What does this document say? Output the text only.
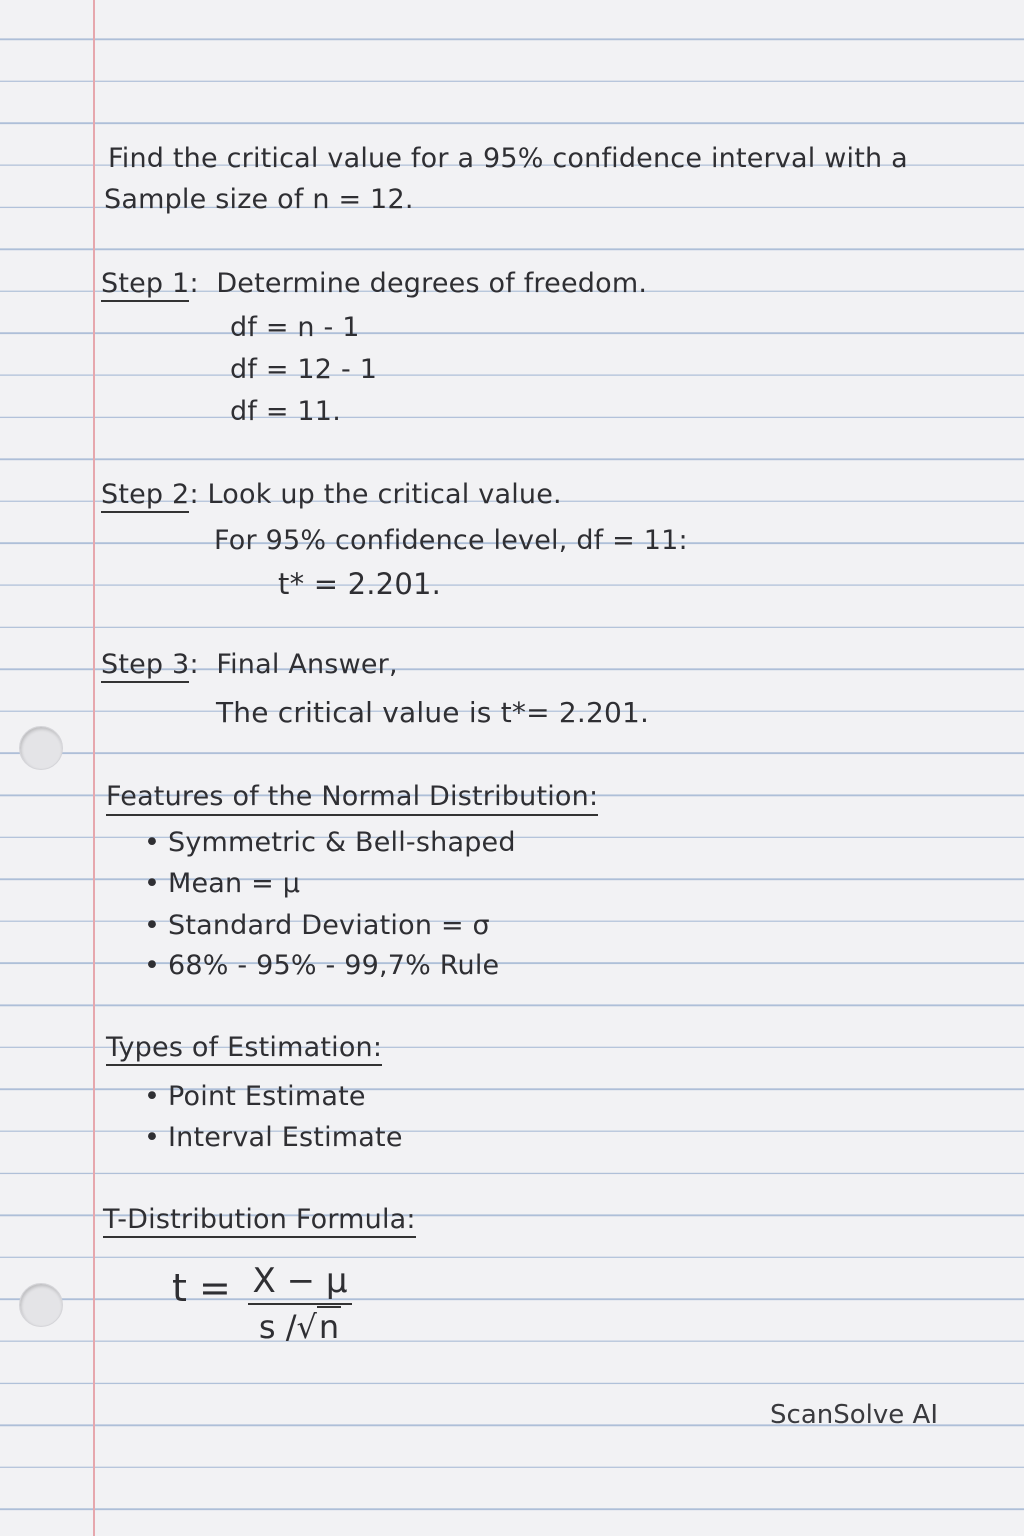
Find the critical value for a 95% confidence interval with a
Sample size of n = 12.
Step 1:  Determine degrees of freedom.
df = n - 1
df = 12 - 1
df = 11.
Step 2: Look up the critical value.
For 95% confidence level, df = 11:
t* = 2.201.
Step 3:  Final Answer,
The critical value is t*= 2.201.
Features of the Normal Distribution:
• Symmetric & Bell-shaped
• Mean = μ
• Standard Deviation = σ
• 68% - 95% - 99,7% Rule
Types of Estimation:
• Point Estimate
• Interval Estimate
T-Distribution Formula:
t = X − μ
s /√n
ScanSolve AI
